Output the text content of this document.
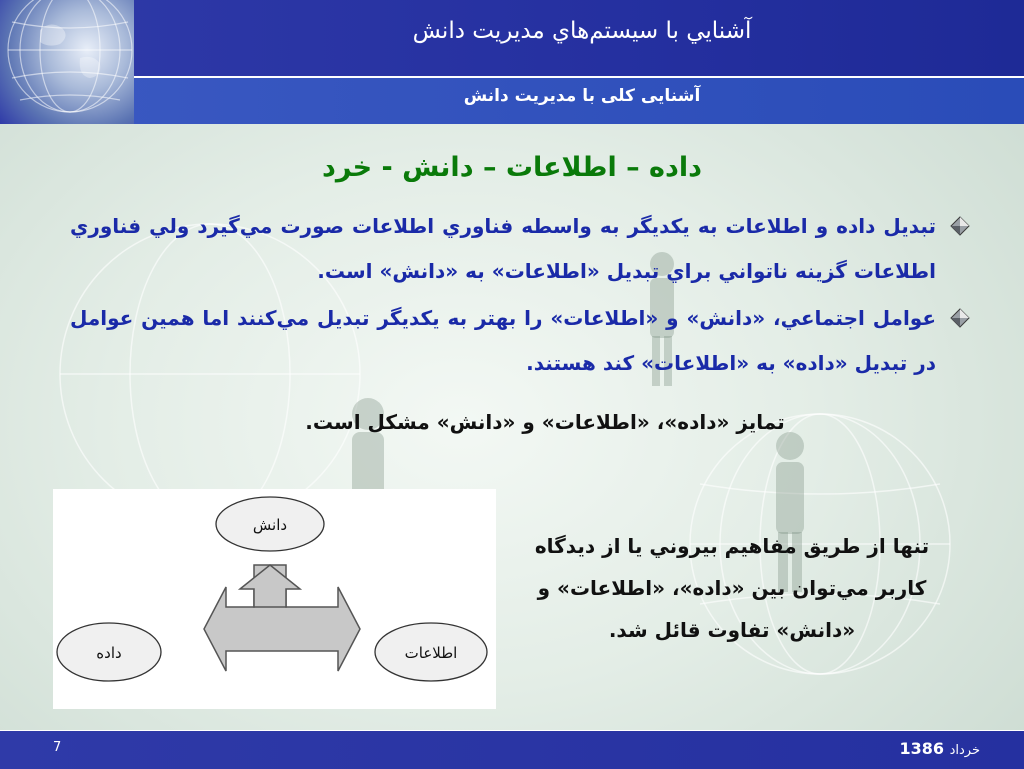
آشنايي با سيستم‌هاي مديريت دانش
آشنایی کلی با مدیریت دانش
داده – اطلاعات – دانش - خرد
تبديل داده و اطلاعات به يكديگر به واسطه فناوري اطلاعات صورت مي‌گيرد ولي فناوري اطلاعات گزينه ناتواني براي تبديل «اطلاعات» به «دانش» است.
عوامل اجتماعي، «دانش» و «اطلاعات» را بهتر به يكديگر تبديل مي‌كنند اما همين عوامل در تبديل «داده» به «اطلاعات» كند هستند.
تمايز «داده»، «اطلاعات» و «دانش» مشكل است.
دانش
داده	اطلاعات
تنها از طريق مفاهيم بيروني يا از ديدگاه كاربر مي‌توان بين «داده»، «اطلاعات» و «دانش» تفاوت قائل شد.
7	خرداد 1386
